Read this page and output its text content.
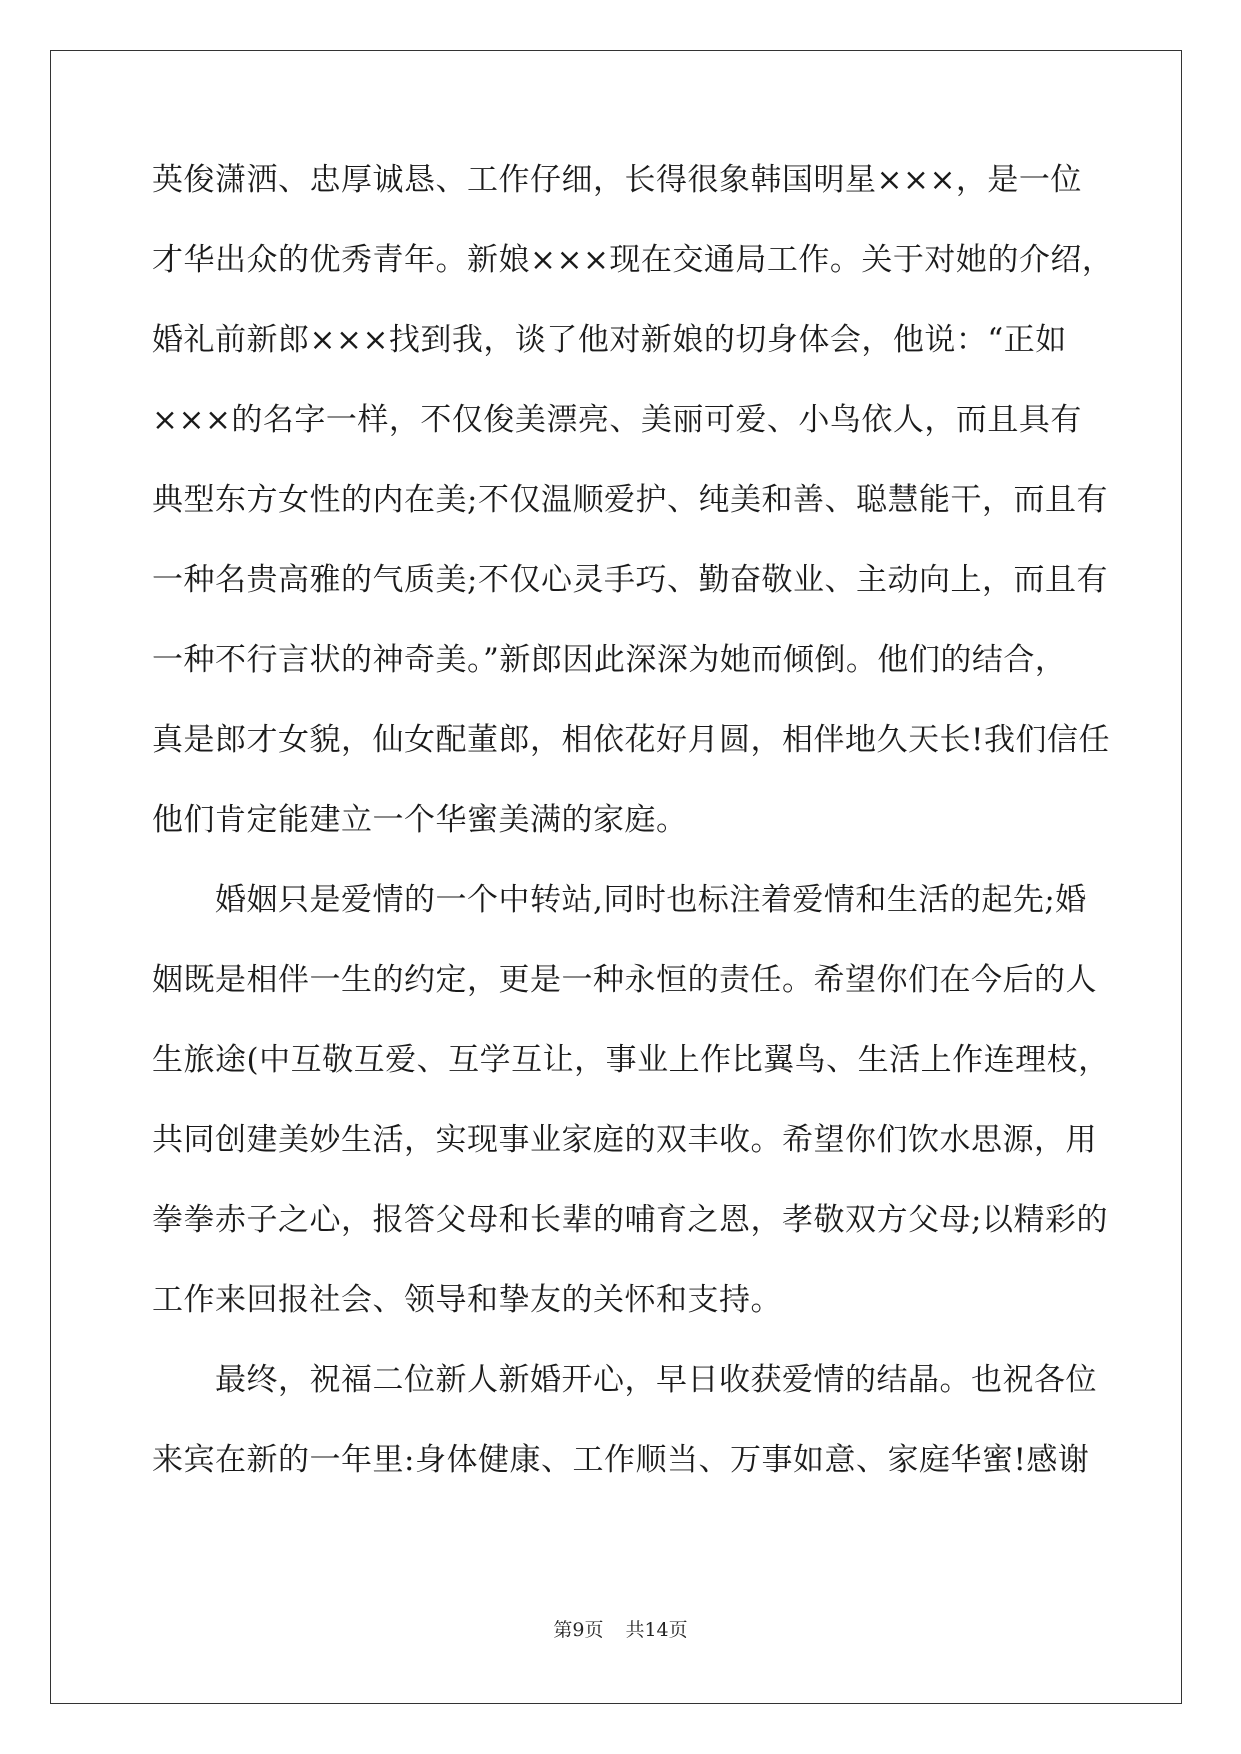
英俊潇洒、忠厚诚恳、工作仔细，长得很象韩国明星×××，是一位
才华出众的优秀青年。新娘×××现在交通局工作。关于对她的介绍，
婚礼前新郎×××找到我，谈了他对新娘的切身体会，他说：“正如
×××的名字一样，不仅俊美漂亮、美丽可爱、小鸟依人，而且具有
典型东方女性的内在美;不仅温顺爱护、纯美和善、聪慧能干，而且有
一种名贵高雅的气质美;不仅心灵手巧、勤奋敬业、主动向上，而且有
一种不行言状的神奇美。”新郎因此深深为她而倾倒。他们的结合，
真是郎才女貌，仙女配董郎，相依花好月圆，相伴地久天长!我们信任
他们肯定能建立一个华蜜美满的家庭。
　　婚姻只是爱情的一个中转站,同时也标注着爱情和生活的起先;婚
姻既是相伴一生的约定，更是一种永恒的责任。希望你们在今后的人
生旅途(中互敬互爱、互学互让，事业上作比翼鸟、生活上作连理枝，
共同创建美妙生活，实现事业家庭的双丰收。希望你们饮水思源，用
拳拳赤子之心，报答父母和长辈的哺育之恩，孝敬双方父母;以精彩的
工作来回报社会、领导和挚友的关怀和支持。
　　最终，祝福二位新人新婚开心，早日收获爱情的结晶。也祝各位
来宾在新的一年里:身体健康、工作顺当、万事如意、家庭华蜜!感谢
第9页 共14页
